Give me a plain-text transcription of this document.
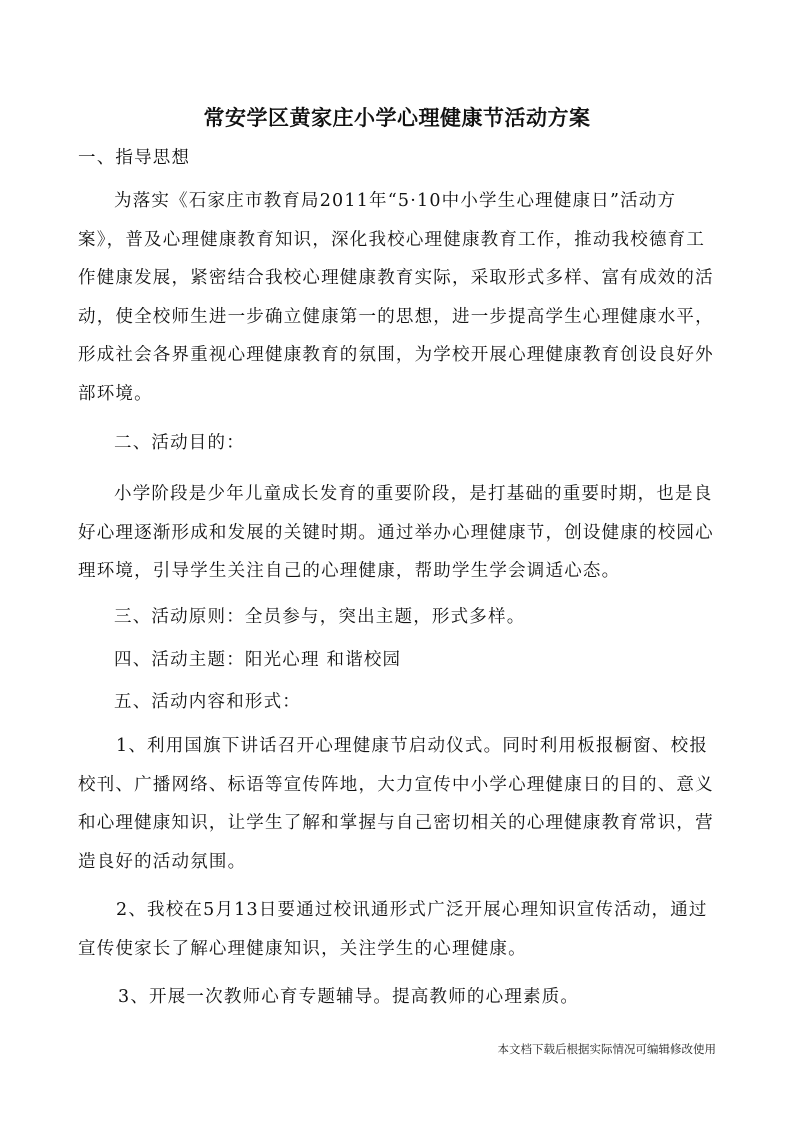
常安学区黄家庄小学心理健康节活动方案
一、指导思想
为落实《石家庄市教育局2011年“5·10中小学生心理健康日”活动方案》，普及心理健康教育知识，深化我校心理健康教育工作，推动我校德育工作健康发展，紧密结合我校心理健康教育实际，采取形式多样、富有成效的活动，使全校师生进一步确立健康第一的思想，进一步提高学生心理健康水平，形成社会各界重视心理健康教育的氛围，为学校开展心理健康教育创设良好外部环境。
二、活动目的：
小学阶段是少年儿童成长发育的重要阶段，是打基础的重要时期，也是良好心理逐渐形成和发展的关键时期。通过举办心理健康节，创设健康的校园心理环境，引导学生关注自己的心理健康，帮助学生学会调适心态。
三、活动原则：全员参与，突出主题，形式多样。
四、活动主题：阳光心理 和谐校园
五、活动内容和形式：
1、利用国旗下讲话召开心理健康节启动仪式。同时利用板报橱窗、校报校刊、广播网络、标语等宣传阵地，大力宣传中小学心理健康日的目的、意义和心理健康知识，让学生了解和掌握与自己密切相关的心理健康教育常识，营造良好的活动氛围。
2、我校在5月13日要通过校讯通形式广泛开展心理知识宣传活动，通过宣传使家长了解心理健康知识，关注学生的心理健康。
3、开展一次教师心育专题辅导。提高教师的心理素质。
本文档下载后根据实际情况可编辑修改使用
